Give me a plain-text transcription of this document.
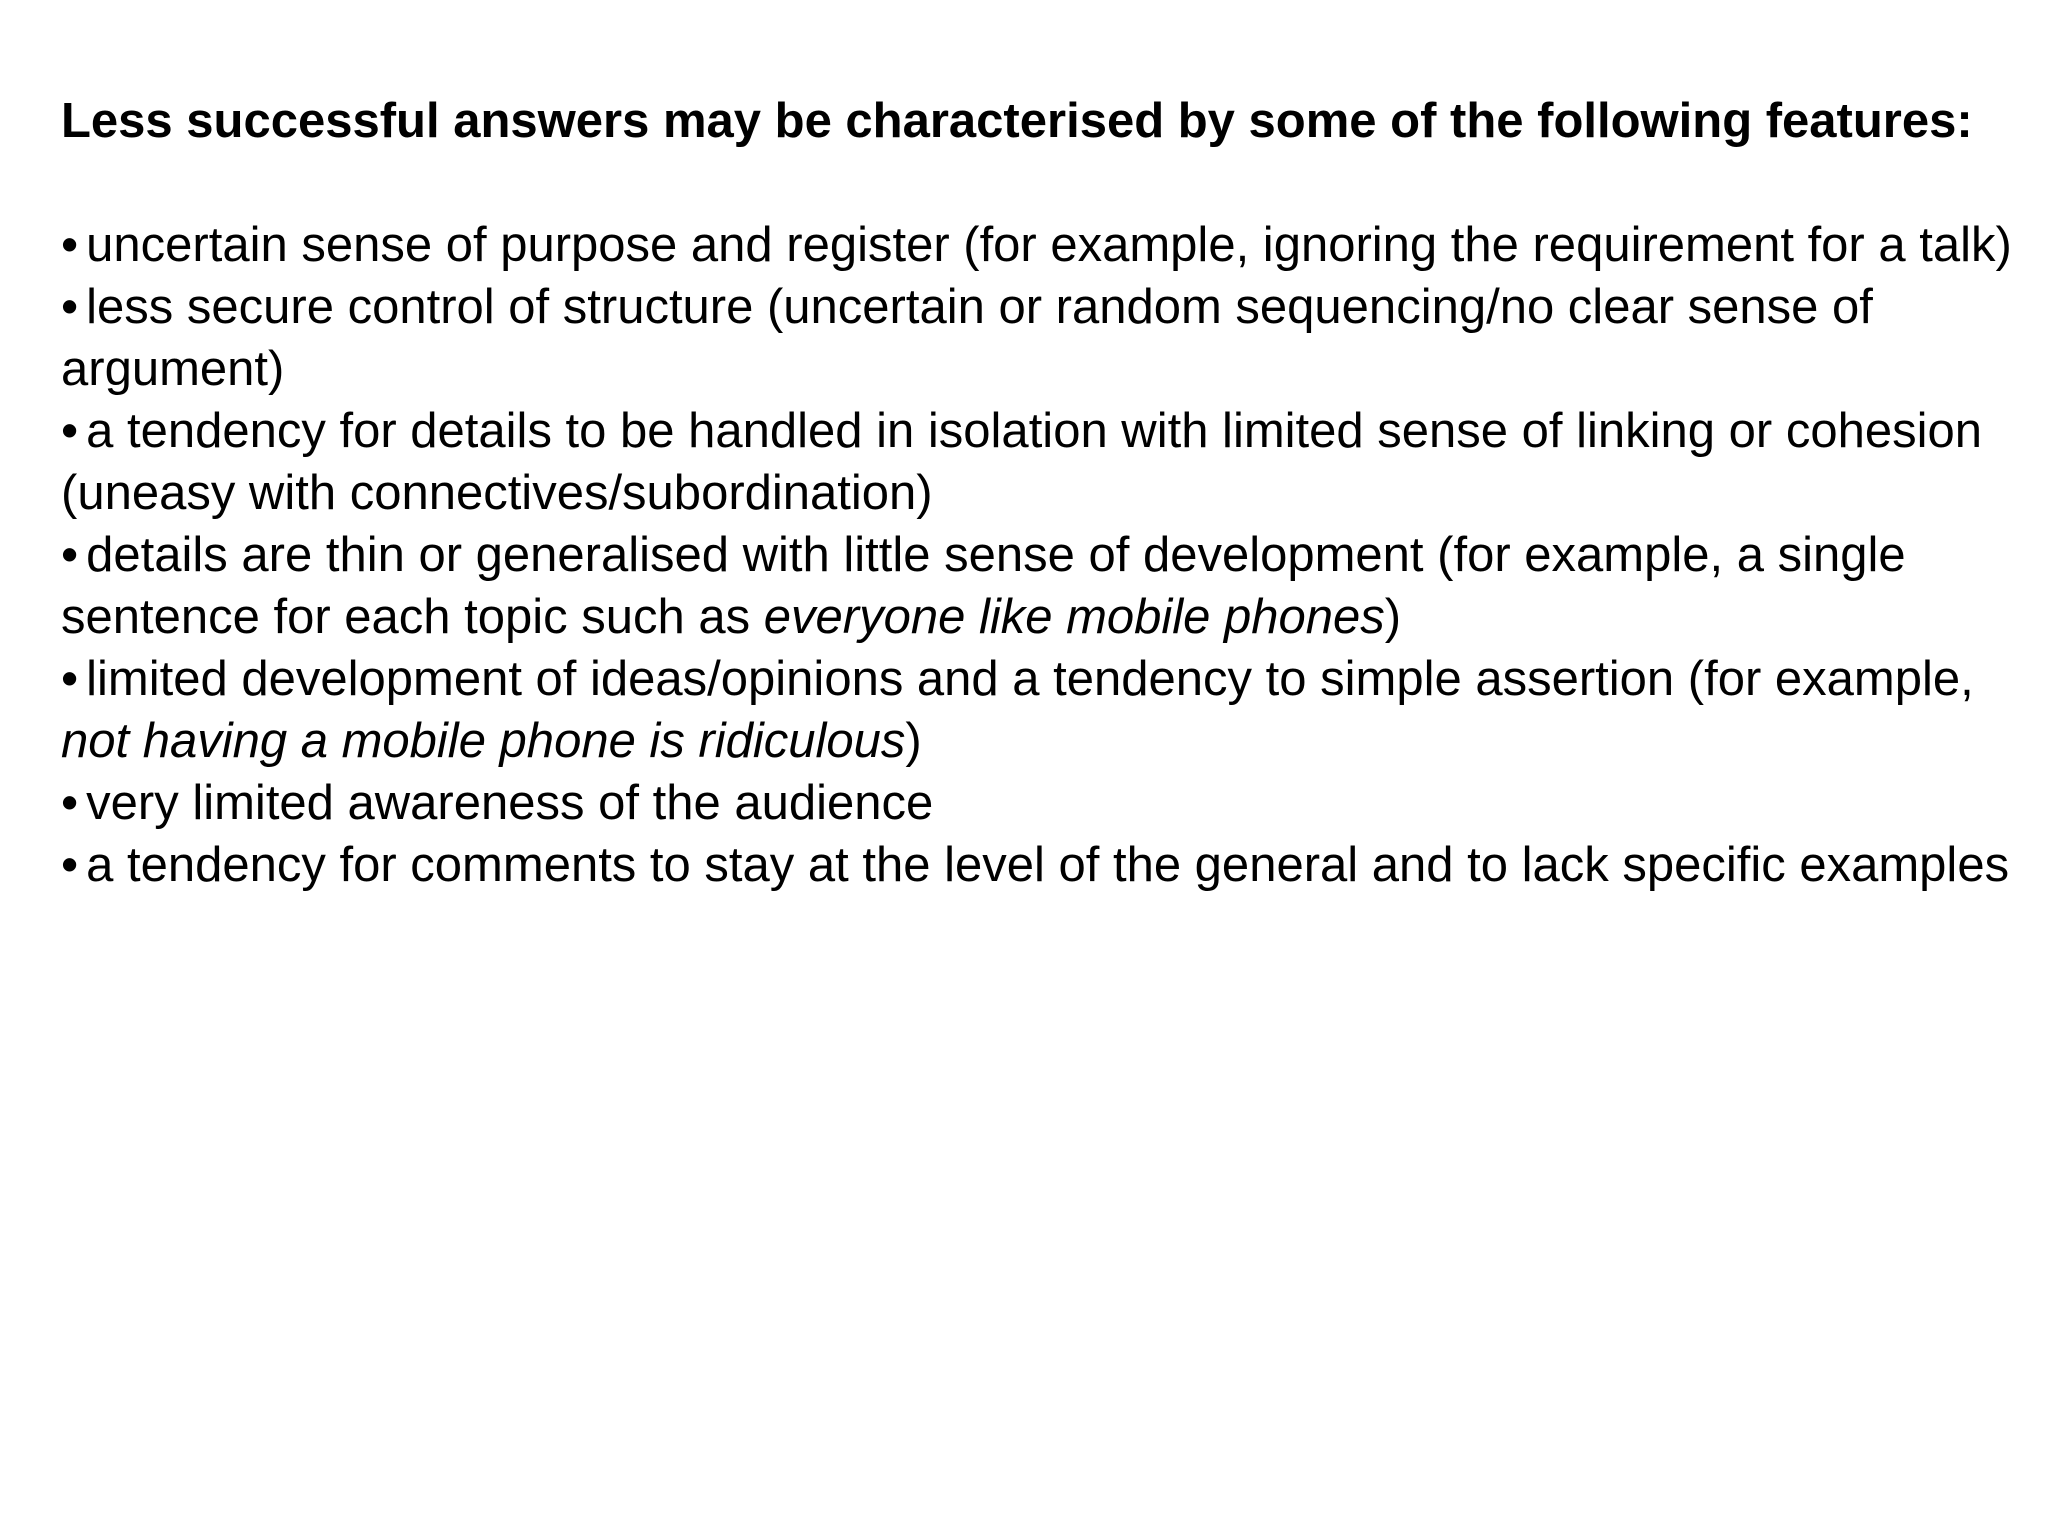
Less successful answers may be characterised by some of the following features:

• uncertain sense of purpose and register (for example, ignoring the requirement for a talk)
• less secure control of structure (uncertain or random sequencing/no clear sense of argument)
• a tendency for details to be handled in isolation with limited sense of linking or cohesion (uneasy with connectives/subordination)
• details are thin or generalised with little sense of development (for example, a single sentence for each topic such as everyone like mobile phones)
• limited development of ideas/opinions and a tendency to simple assertion (for example, not having a mobile phone is ridiculous)
• very limited awareness of the audience
• a tendency for comments to stay at the level of the general and to lack specific examples
